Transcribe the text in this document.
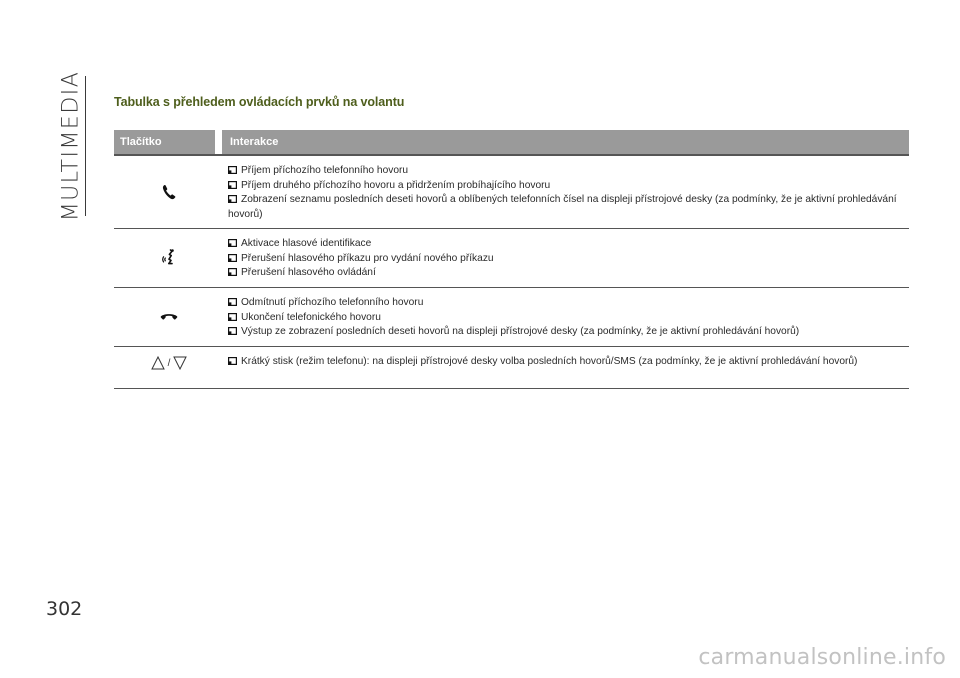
MULTIMEDIA Tabulka s přehledem ovládacích prvků na volantu
Tlačítko	Interakce
Příjem příchozího telefonního hovoru
Příjem druhého příchozího hovoru a přidržením probíhajícího hovoru
Zobrazení seznamu posledních deseti hovorů a oblíbených telefonních čísel na displeji přístrojové desky (za podmínky, že je aktivní prohledávání hovorů)
Aktivace hlasové identifikace
Přerušení hlasového příkazu pro vydání nového příkazu
Přerušení hlasového ovládání
Odmítnutí příchozího telefonního hovoru
Ukončení telefonického hovoru
Výstup ze zobrazení posledních deseti hovorů na displeji přístrojové desky (za podmínky, že je aktivní prohledávání hovorů)
/	Krátký stisk (režim telefonu): na displeji přístrojové desky volba posledních hovorů/SMS (za podmínky, že je aktivní prohledávání hovorů)
302
carmanualsonline.info
